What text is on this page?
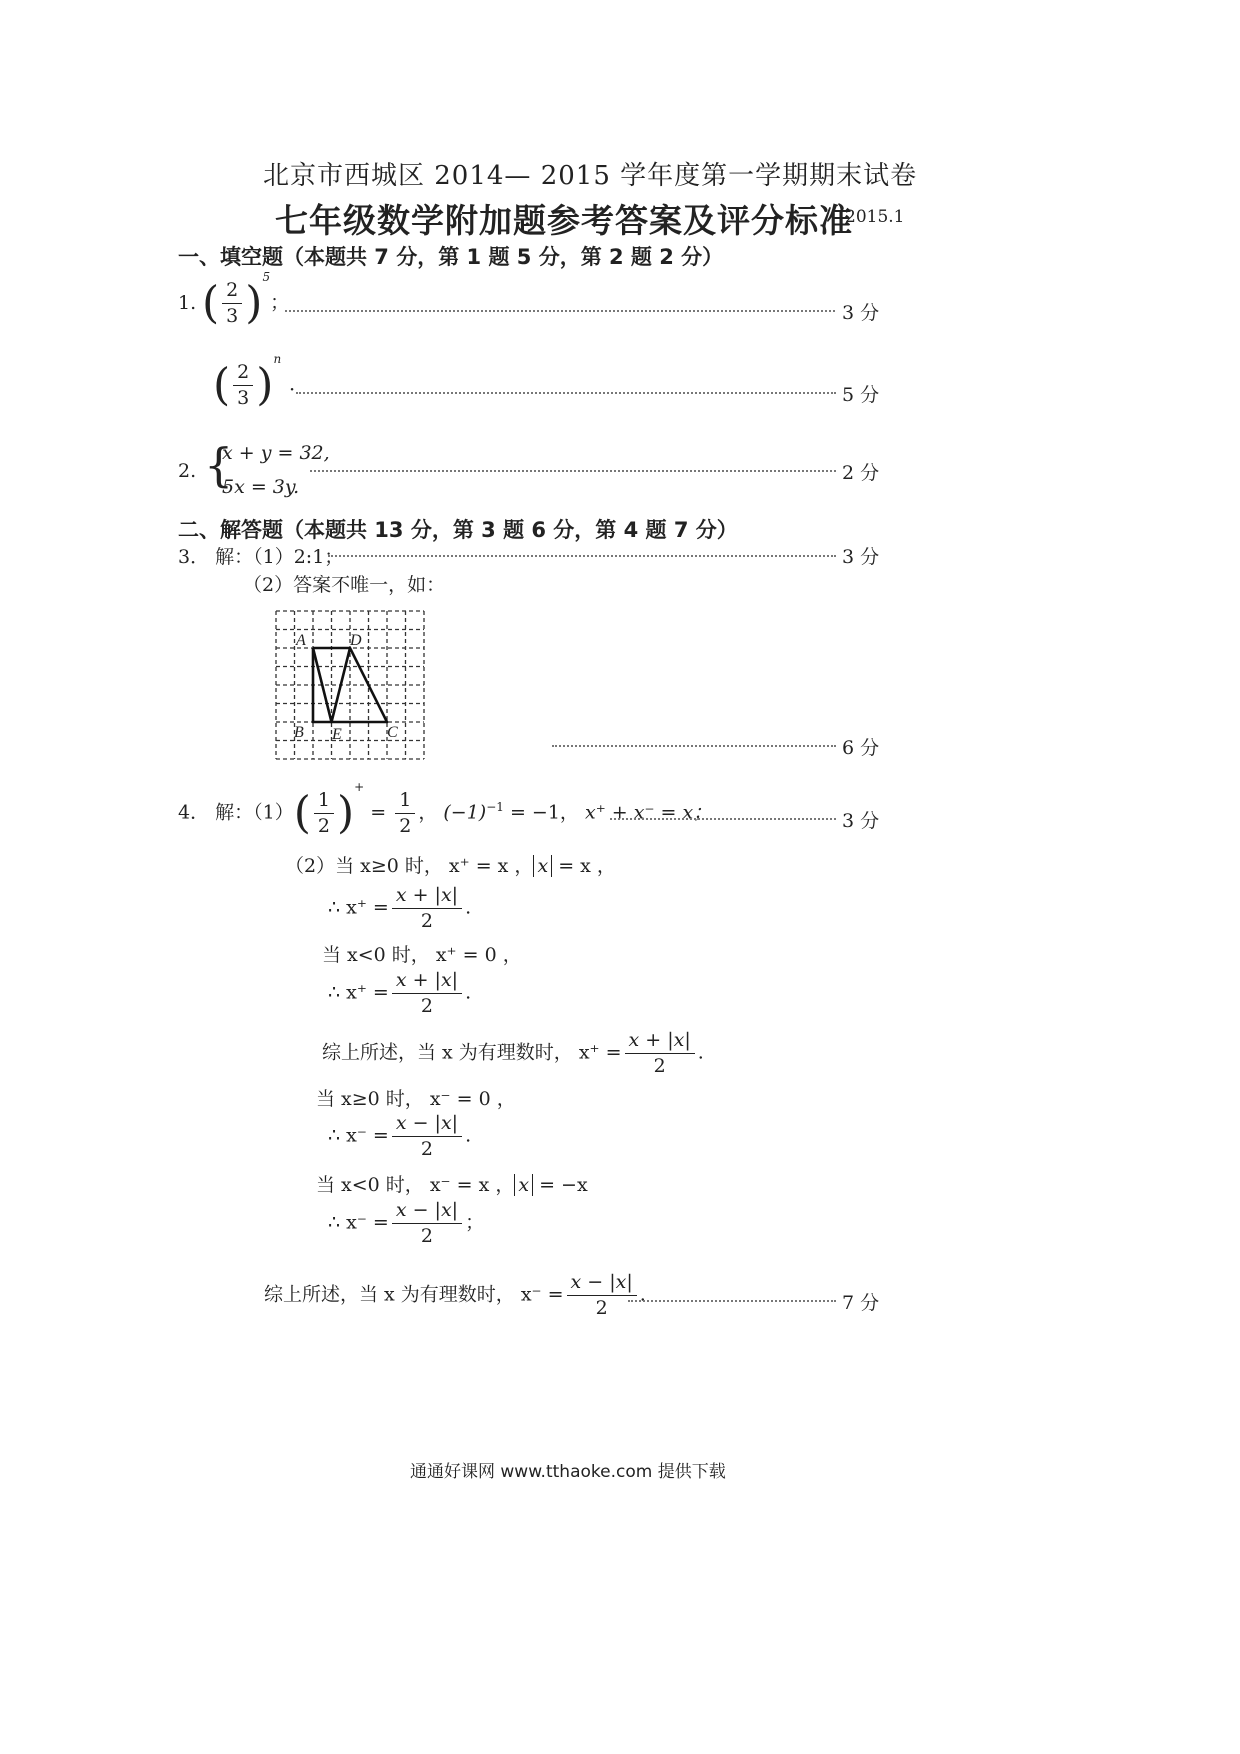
北京市西城区 2014— 2015 学年度第一学期期末试卷
七年级数学附加题参考答案及评分标准
2015.1
一、填空题（本题共 7 分，第 1 题 5 分，第 2 题 2 分）
1. ( $\frac{2}{3} )^5$；	3 分
( $\frac{2}{3} )^n$．	5 分
2. {
x + y = 32,
5x = 3y.
2 分
二、解答题（本题共 13 分，第 3 题 6 分，第 4 题 7 分）
3． 解：（1）2:1；	3 分
（2）答案不唯一，如：
A	D
B E	C
6 分
4． 解：$(1)( \frac{1}{2} )^+ = \frac{1}{2}$ ， $(-1)^{-1} = -1$， x⁺ + x⁻ = x；	3 分
（2）当 x≥0 时， x⁺ = x ， x = x ，
∴ $x^+ = \frac{x + |x|}{2}$ .
当 x<0 时， x⁺ = 0 ，
∴ $x^+ = \frac{x + |x|}{2}$ .
综上所述，当 x 为有理数时， $x^+ = \frac{x + |x|}{2}$ .
当 x≥0 时， x⁻ = 0 ，
∴ $x^- = \frac{x - |x|}{2}$ .
当 x<0 时， x⁻ = x ， x = −x
∴ $x^- = \frac{x - |x|}{2}$ ；
综上所述，当 x 为有理数时， $x^- = \frac{x - |x|}{2}$ .	7 分
通通好课网 www.tthaoke.com 提供下载
